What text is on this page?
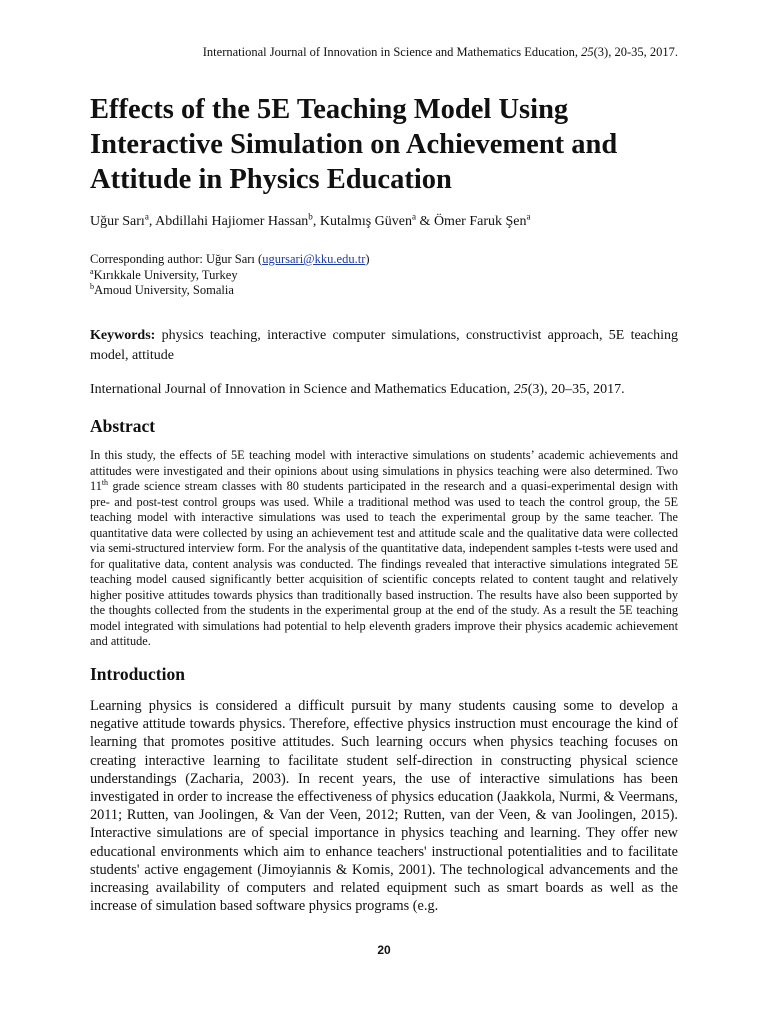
International Journal of Innovation in Science and Mathematics Education, 25(3), 20-35, 2017.
Effects of the 5E Teaching Model Using Interactive Simulation on Achievement and Attitude in Physics Education
Uğur Sarı$^a$, Abdillahi Hajiomer Hassan$^b$, Kutalmış Güven$^a$ & Ömer Faruk Şen$^a$
Corresponding author: Uğur Sarı (ugursari@kku.edu.tr)
$^a$Kırıkkale University, Turkey
$^b$Amoud University, Somalia
Keywords: physics teaching, interactive computer simulations, constructivist approach, 5E teaching model, attitude
International Journal of Innovation in Science and Mathematics Education, 25(3), 20–35, 2017.
Abstract

In this study, the effects of 5E teaching model with interactive simulations on students’ academic achievements and attitudes were investigated and their opinions about using simulations in physics teaching were also determined. Two 11th grade science stream classes with 80 students participated in the research and a quasi-experimental design with pre- and post-test control groups was used. While a traditional method was used to teach the control group, the 5E teaching model with interactive simulations was used to teach the experimental group by the same teacher. The quantitative data were collected by using an achievement test and attitude scale and the qualitative data were collected via semi-structured interview form. For the analysis of the quantitative data, independent samples t-tests were used and for qualitative data, content analysis was conducted. The findings revealed that interactive simulations integrated 5E teaching model caused significantly better acquisition of scientific concepts related to content taught and relatively higher positive attitudes towards physics than traditionally based instruction. The results have also been supported by the thoughts collected from the students in the experimental group at the end of the study. As a result the 5E teaching model integrated with simulations had potential to help eleventh graders improve their physics academic achievement and attitude.

Introduction

Learning physics is considered a difficult pursuit by many students causing some to develop a negative attitude towards physics. Therefore, effective physics instruction must encourage the kind of learning that promotes positive attitudes. Such learning occurs when physics teaching focuses on creating interactive learning to facilitate student self-direction in constructing physical science understandings (Zacharia, 2003). In recent years, the use of interactive simulations has been investigated in order to increase the effectiveness of physics education (Jaakkola, Nurmi, & Veermans, 2011; Rutten, van Joolingen, & Van der Veen, 2012; Rutten, van der Veen, & van Joolingen, 2015). Interactive simulations are of special importance in physics teaching and learning. They offer new educational environments which aim to enhance teachers' instructional potentialities and to facilitate students' active engagement (Jimoyiannis & Komis, 2001). The technological advancements and the increasing availability of computers and related equipment such as smart boards as well as the increase of simulation based software physics programs (e.g.

20
